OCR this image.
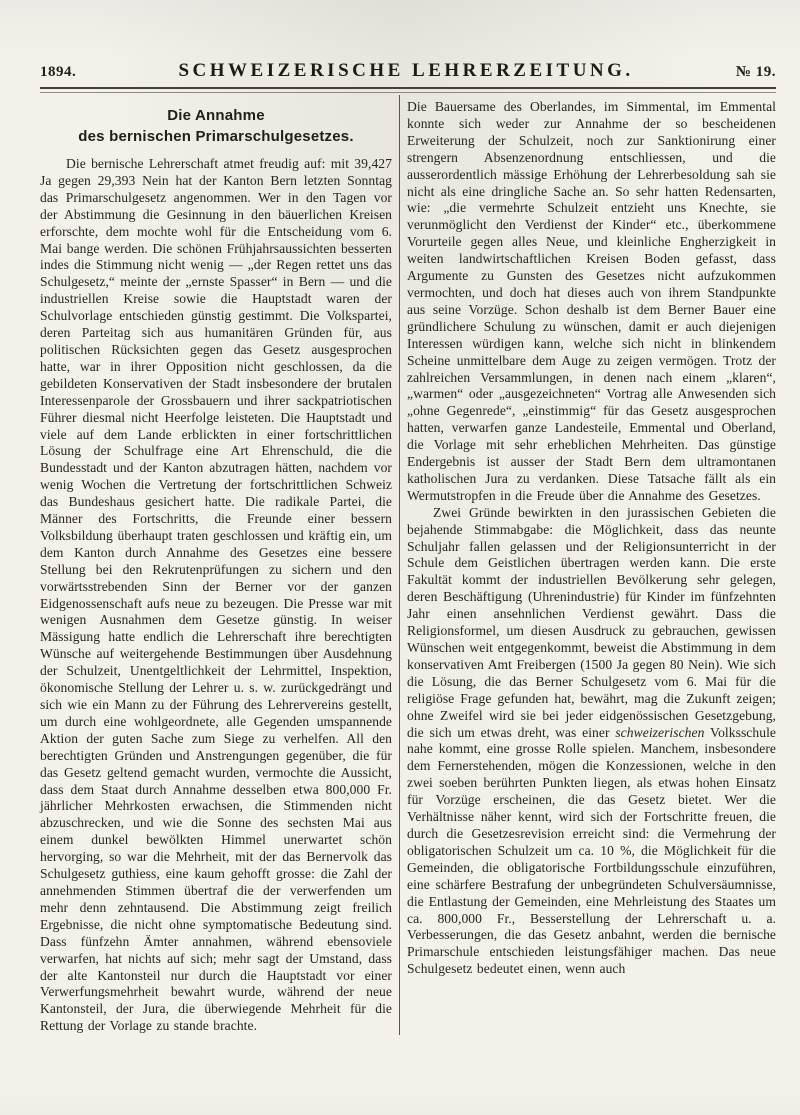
1894.	SCHWEIZERISCHE LEHRERZEITUNG.	№ 19.
Die Annahme
des bernischen Primarschulgesetzes.

Die bernische Lehrerschaft atmet freudig auf: mit 39,427 Ja gegen 29,393 Nein hat der Kanton Bern letzten Sonntag das Primarschulgesetz angenommen. Wer in den Tagen vor der Abstimmung die Gesinnung in den bäuerlichen Kreisen erforschte, dem mochte wohl für die Entscheidung vom 6. Mai bange werden. Die schönen Frühjahrsaussichten besserten indes die Stimmung nicht wenig — „der Regen rettet uns das Schulgesetz,“ meinte der „ernste Spasser“ in Bern — und die industriellen Kreise sowie die Hauptstadt waren der Schulvorlage entschieden günstig gestimmt. Die Volkspartei, deren Parteitag sich aus humanitären Gründen für, aus politischen Rücksichten gegen das Gesetz ausgesprochen hatte, war in ihrer Opposition nicht geschlossen, da die gebildeten Konservativen der Stadt insbesondere der brutalen Interessenparole der Grossbauern und ihrer sackpatriotischen Führer diesmal nicht Heerfolge leisteten. Die Hauptstadt und viele auf dem Lande erblickten in einer fortschrittlichen Lösung der Schulfrage eine Art Ehrenschuld, die die Bundesstadt und der Kanton abzutragen hätten, nachdem vor wenig Wochen die Vertretung der fortschrittlichen Schweiz das Bundeshaus gesichert hatte. Die radikale Partei, die Männer des Fortschritts, die Freunde einer bessern Volksbildung überhaupt traten geschlossen und kräftig ein, um dem Kanton durch Annahme des Gesetzes eine bessere Stellung bei den Rekrutenprüfungen zu sichern und den vorwärtsstrebenden Sinn der Berner vor der ganzen Eidgenossenschaft aufs neue zu bezeugen. Die Presse war mit wenigen Ausnahmen dem Gesetze günstig. In weiser Mässigung hatte endlich die Lehrerschaft ihre berechtigten Wünsche auf weitergehende Bestimmungen über Ausdehnung der Schulzeit, Unentgeltlichkeit der Lehrmittel, Inspektion, ökonomische Stellung der Lehrer u. s. w. zurückgedrängt und sich wie ein Mann zu der Führung des Lehrervereins gestellt, um durch eine wohlgeordnete, alle Gegenden umspannende Aktion der guten Sache zum Siege zu verhelfen. All den berechtigten Gründen und Anstrengungen gegenüber, die für das Gesetz geltend gemacht wurden, vermochte die Aussicht, dass dem Staat durch Annahme desselben etwa 800,000 Fr. jährlicher Mehrkosten erwachsen, die Stimmenden nicht abzuschrecken, und wie die Sonne des sechsten Mai aus einem dunkel bewölkten Himmel unerwartet schön hervorging, so war die Mehrheit, mit der das Bernervolk das Schulgesetz guthiess, eine kaum gehofft grosse: die Zahl der annehmenden Stimmen übertraf die der verwerfenden um mehr denn zehntausend. Die Abstimmung zeigt freilich Ergebnisse, die nicht ohne symptomatische Bedeutung sind. Dass fünfzehn Ämter annahmen, während ebensoviele verwarfen, hat nichts auf sich; mehr sagt der Umstand, dass der alte Kantonsteil nur durch die Hauptstadt vor einer Verwerfungsmehrheit bewahrt wurde, während der neue Kantonsteil, der Jura, die überwiegende Mehrheit für die Rettung der Vorlage zu stande brachte.

Die Bauersame des Oberlandes, im Simmental, im Emmental konnte sich weder zur Annahme der so bescheidenen Erweiterung der Schulzeit, noch zur Sanktionirung einer strengern Absenzenordnung entschliessen, und die ausserordentlich mässige Erhöhung der Lehrerbesoldung sah sie nicht als eine dringliche Sache an. So sehr hatten Redensarten, wie: „die vermehrte Schulzeit entzieht uns Knechte, sie verunmöglicht den Verdienst der Kinder“ etc., überkommene Vorurteile gegen alles Neue, und kleinliche Engherzigkeit in weiten landwirtschaftlichen Kreisen Boden gefasst, dass Argumente zu Gunsten des Gesetzes nicht aufzukommen vermochten, und doch hat dieses auch von ihrem Standpunkte aus seine Vorzüge. Schon deshalb ist dem Berner Bauer eine gründlichere Schulung zu wünschen, damit er auch diejenigen Interessen würdigen kann, welche sich nicht in blinkendem Scheine unmittelbare dem Auge zu zeigen vermögen. Trotz der zahlreichen Versammlungen, in denen nach einem „klaren“, „warmen“ oder „ausgezeichneten“ Vortrag alle Anwesenden sich „ohne Gegenrede“, „einstimmig“ für das Gesetz ausgesprochen hatten, verwarfen ganze Landesteile, Emmental und Oberland, die Vorlage mit sehr erheblichen Mehrheiten. Das günstige Endergebnis ist ausser der Stadt Bern dem ultramontanen katholischen Jura zu verdanken. Diese Tatsache fällt als ein Wermutstropfen in die Freude über die Annahme des Gesetzes.

Zwei Gründe bewirkten in den jurassischen Gebieten die bejahende Stimmabgabe: die Möglichkeit, dass das neunte Schuljahr fallen gelassen und der Religionsunterricht in der Schule dem Geistlichen übertragen werden kann. Die erste Fakultät kommt der industriellen Bevölkerung sehr gelegen, deren Beschäftigung (Uhrenindustrie) für Kinder im fünfzehnten Jahr einen ansehnlichen Verdienst gewährt. Dass die Religionsformel, um diesen Ausdruck zu gebrauchen, gewissen Wünschen weit entgegenkommt, beweist die Abstimmung in dem konservativen Amt Freibergen (1500 Ja gegen 80 Nein). Wie sich die Lösung, die das Berner Schulgesetz vom 6. Mai für die religiöse Frage gefunden hat, bewährt, mag die Zukunft zeigen; ohne Zweifel wird sie bei jeder eidgenössischen Gesetzgebung, die sich um etwas dreht, was einer schweizerischen Volksschule nahe kommt, eine grosse Rolle spielen. Manchem, insbesondere dem Fernerstehenden, mögen die Konzessionen, welche in den zwei soeben berührten Punkten liegen, als etwas hohen Einsatz für Vorzüge erscheinen, die das Gesetz bietet. Wer die Verhältnisse näher kennt, wird sich der Fortschritte freuen, die durch die Gesetzesrevision erreicht sind: die Vermehrung der obligatorischen Schulzeit um ca. 10 %, die Möglichkeit für die Gemeinden, die obligatorische Fortbildungsschule einzuführen, eine schärfere Bestrafung der unbegründeten Schulversäumnisse, die Entlastung der Gemeinden, eine Mehrleistung des Staates um ca. 800,000 Fr., Besserstellung der Lehrerschaft u. a. Verbesserungen, die das Gesetz anbahnt, werden die bernische Primarschule entschieden leistungsfähiger machen. Das neue Schulgesetz bedeutet einen, wenn auch
